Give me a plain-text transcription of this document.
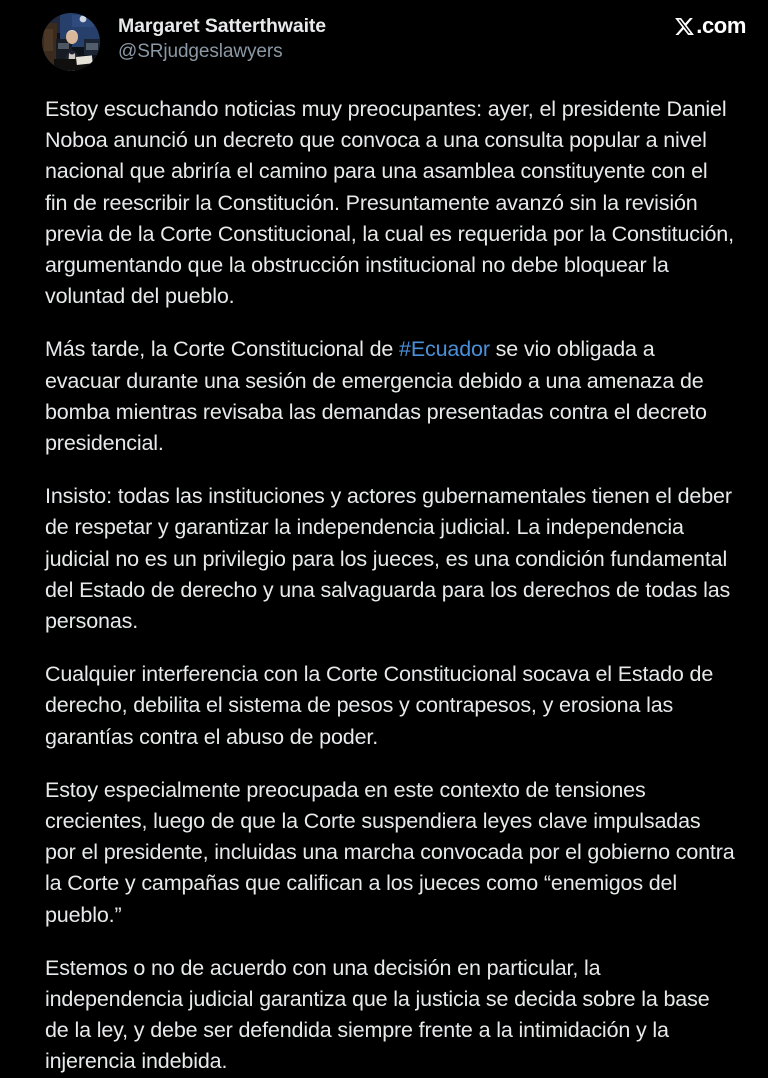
Margaret Satterthwaite
@SRjudgeslawyers
.com

Estoy escuchando noticias muy preocupantes: ayer, el presidente Daniel Noboa anunció un decreto que convoca a una consulta popular a nivel nacional que abriría el camino para una asamblea constituyente con el fin de reescribir la Constitución. Presuntamente avanzó sin la revisión previa de la Corte Constitucional, la cual es requerida por la Constitución, argumentando que la obstrucción institucional no debe bloquear la voluntad del pueblo.

Más tarde, la Corte Constitucional de #Ecuador se vio obligada a evacuar durante una sesión de emergencia debido a una amenaza de bomba mientras revisaba las demandas presentadas contra el decreto presidencial.

Insisto: todas las instituciones y actores gubernamentales tienen el deber de respetar y garantizar la independencia judicial. La independencia judicial no es un privilegio para los jueces, es una condición fundamental del Estado de derecho y una salvaguarda para los derechos de todas las personas.

Cualquier interferencia con la Corte Constitucional socava el Estado de derecho, debilita el sistema de pesos y contrapesos, y erosiona las garantías contra el abuso de poder.

Estoy especialmente preocupada en este contexto de tensiones crecientes, luego de que la Corte suspendiera leyes clave impulsadas por el presidente, incluidas una marcha convocada por el gobierno contra la Corte y campañas que califican a los jueces como “enemigos del pueblo.”

Estemos o no de acuerdo con una decisión en particular, la independencia judicial garantiza que la justicia se decida sobre la base de la ley, y debe ser defendida siempre frente a la intimidación y la injerencia indebida.
